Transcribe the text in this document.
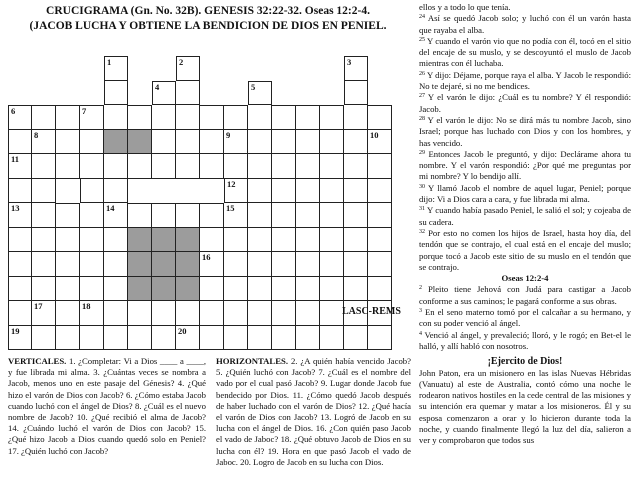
CRUCIGRAMA (Gn. No. 32B). GENESIS 32:22-32. Oseas 12:2-4.
(JACOB LUCHA Y OBTIENE LA BENDICION DE DIOS EN PENIEL.
1	2	3
4	5
6	7
8	9	10
11
12
13	14	15
16
17	18
19	20
LASC-REMS
VERTICALES. 1. ¿Completar: Vi a Dios ____ a ____, y fue librada mi alma. 3. ¿Cuántas veces se nombra a Jacob, menos uno en este pasaje del Génesis? 4. ¿Qué hizo el varón de Dios con Jacob? 6. ¿Cómo estaba Jacob cuando luchó con el ángel de Dios? 8. ¿Cuál es el nuevo nombre de Jacob? 10. ¿Qué recibió el alma de Jacob? 14. ¿Cuándo luchó el varón de Dios con Jacob? 15. ¿Qué hizo Jacob a Dios cuando quedó solo en Peniel? 17. ¿Quién luchó con Jacob?
HORIZONTALES. 2. ¿A quién había vencido Jacob? 5. ¿Quién luchó con Jacob? 7. ¿Cuál es el nombre del vado por el cual pasó Jacob? 9. Lugar donde Jacob fue bendecido por Dios. 11. ¿Cómo quedó Jacob después de haber luchado con el varón de Dios? 12. ¿Qué hacía el varón de Dios con Jacob? 13. Logró de Jacob en su lucha con el ángel de Dios. 16. ¿Con quién paso Jacob el vado de Jaboc? 18. ¿Qué obtuvo Jacob de Dios en su lucha con él? 19. Hora en que pasó Jacob el vado de Jaboc. 20. Logro de Jacob en su lucha con Dios.

ellos y a todo lo que tenía.

$^{24}$ Así se quedó Jacob solo; y luchó con él un varón hasta que rayaba el alba.

$^{25}$ Y cuando el varón vio que no podía con él, tocó en el sitio del encaje de su muslo, y se descoyuntó el muslo de Jacob mientras con él luchaba.

$^{26}$ Y dijo: Déjame, porque raya el alba. Y Jacob le respondió: No te dejaré, si no me bendices.

$^{27}$ Y el varón le dijo: ¿Cuál es tu nombre? Y él respondió: Jacob.

$^{28}$ Y el varón le dijo: No se dirá más tu nombre Jacob, sino Israel; porque has luchado con Dios y con los hombres, y has vencido.

$^{29}$ Entonces Jacob le preguntó, y dijo: Declárame ahora tu nombre. Y el varón respondió: ¿Por qué me preguntas por mi nombre? Y lo bendijo allí.

$^{30}$ Y llamó Jacob el nombre de aquel lugar, Peniel; porque dijo: Vi a Dios cara a cara, y fue librada mi alma.

$^{31}$ Y cuando había pasado Peniel, le salió el sol; y cojeaba de su cadera.

$^{32}$ Por esto no comen los hijos de Israel, hasta hoy día, del tendón que se contrajo, el cual está en el encaje del muslo; porque tocó a Jacob este sitio de su muslo en el tendón que se contrajo.

Oseas 12:2-4

$^2$ Pleito tiene Jehová con Judá para castigar a Jacob conforme a sus caminos; le pagará conforme a sus obras.

$^3$ En el seno materno tomó por el calcañar a su hermano, y con su poder venció al ángel.

$^4$ Venció al ángel, y prevaleció; lloró, y le rogó; en Bet-el le halló, y allí habló con nosotros.

¡Ejercito de Dios!

John Paton, era un misionero en las islas Nuevas Hébridas (Vanuatu) al este de Australia, contó cómo una noche le rodearon nativos hostiles en la cede central de las misiones y su intención era quemar y matar a los misioneros. Él y su esposa comenzaron a orar y lo hicieron durante toda la noche, y cuando finalmente llegó la luz del día, salieron a ver y comprobaron que todos sus
